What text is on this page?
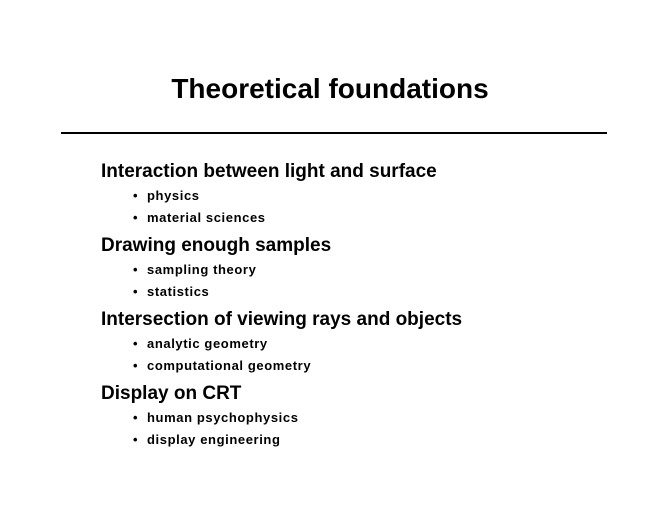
Theoretical foundations
Interaction between light and surface
• physics
• material sciences
Drawing enough samples
• sampling theory
• statistics
Intersection of viewing rays and objects
• analytic geometry
• computational geometry
Display on CRT
• human psychophysics
• display engineering
